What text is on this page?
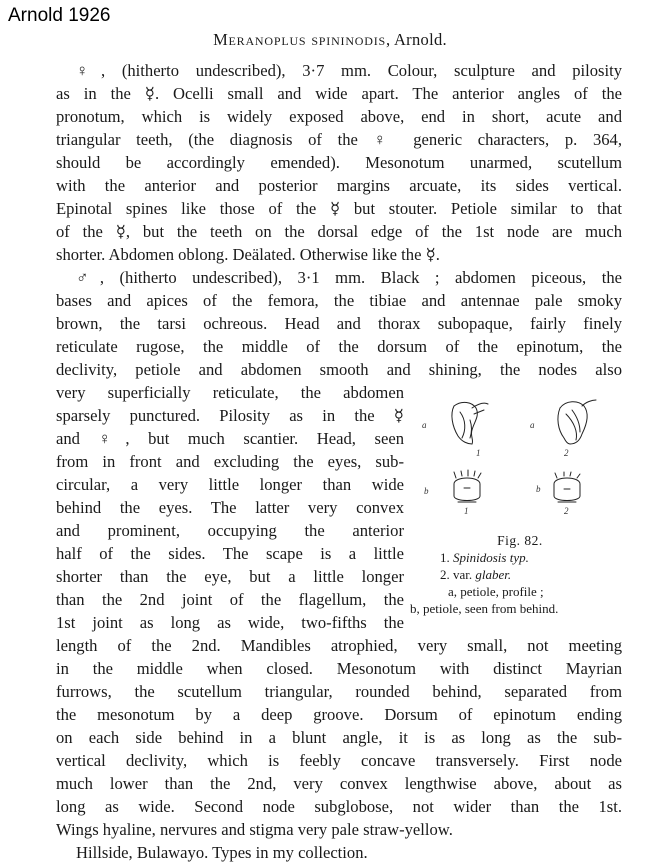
Arnold 1926
Meranoplus spininodis, Arnold.
♀, (hitherto undescribed), 3·7 mm. Colour, sculpture and pilosity
as in the ☿. Ocelli small and wide apart. The anterior angles of the
pronotum, which is widely exposed above, end in short, acute and
triangular teeth, (the diagnosis of the ♀ generic characters, p. 364,
should be accordingly emended). Mesonotum unarmed, scutellum
with the anterior and posterior margins arcuate, its sides vertical.
Epinotal spines like those of the ☿ but stouter. Petiole similar to that
of the ☿, but the teeth on the dorsal edge of the 1st node are much
shorter. Abdomen oblong. Deälated. Otherwise like the ☿.
♂, (hitherto undescribed), 3·1 mm. Black ; abdomen piceous, the
bases and apices of the femora, the tibiae and antennae pale smoky
brown, the tarsi ochreous. Head and thorax subopaque, fairly finely
reticulate rugose, the middle of the dorsum of the epinotum, the
declivity, petiole and abdomen smooth and shining, the nodes also
very superficially reticulate, the abdomen
sparsely punctured. Pilosity as in the ☿
and ♀, but much scantier. Head, seen
from in front and excluding the eyes, sub-
circular, a very little longer than wide
behind the eyes. The latter very convex
and prominent, occupying the anterior
half of the sides. The scape is a little
shorter than the eye, but a little longer
than the 2nd joint of the flagellum, the
1st joint as long as wide, two-fifths the
length of the 2nd. Mandibles atrophied, very small, not meeting
in the middle when closed. Mesonotum with distinct Mayrian
furrows, the scutellum triangular, rounded behind, separated from
the mesonotum by a deep groove. Dorsum of epinotum ending
on each side behind in a blunt angle, it is as long as the sub-
vertical declivity, which is feebly concave transversely. First node
much lower than the 2nd, very convex lengthwise above, about as
long as wide. Second node subglobose, not wider than the 1st.
Wings hyaline, nervures and stigma very pale straw-yellow.
Hillside, Bulawayo. Types in my collection.
a	a
b	b
1	2
1	2
Fig. 82.
1. Spinidosis typ.
2. var. glaber.
a, petiole, profile ;
b, petiole, seen from behind.
